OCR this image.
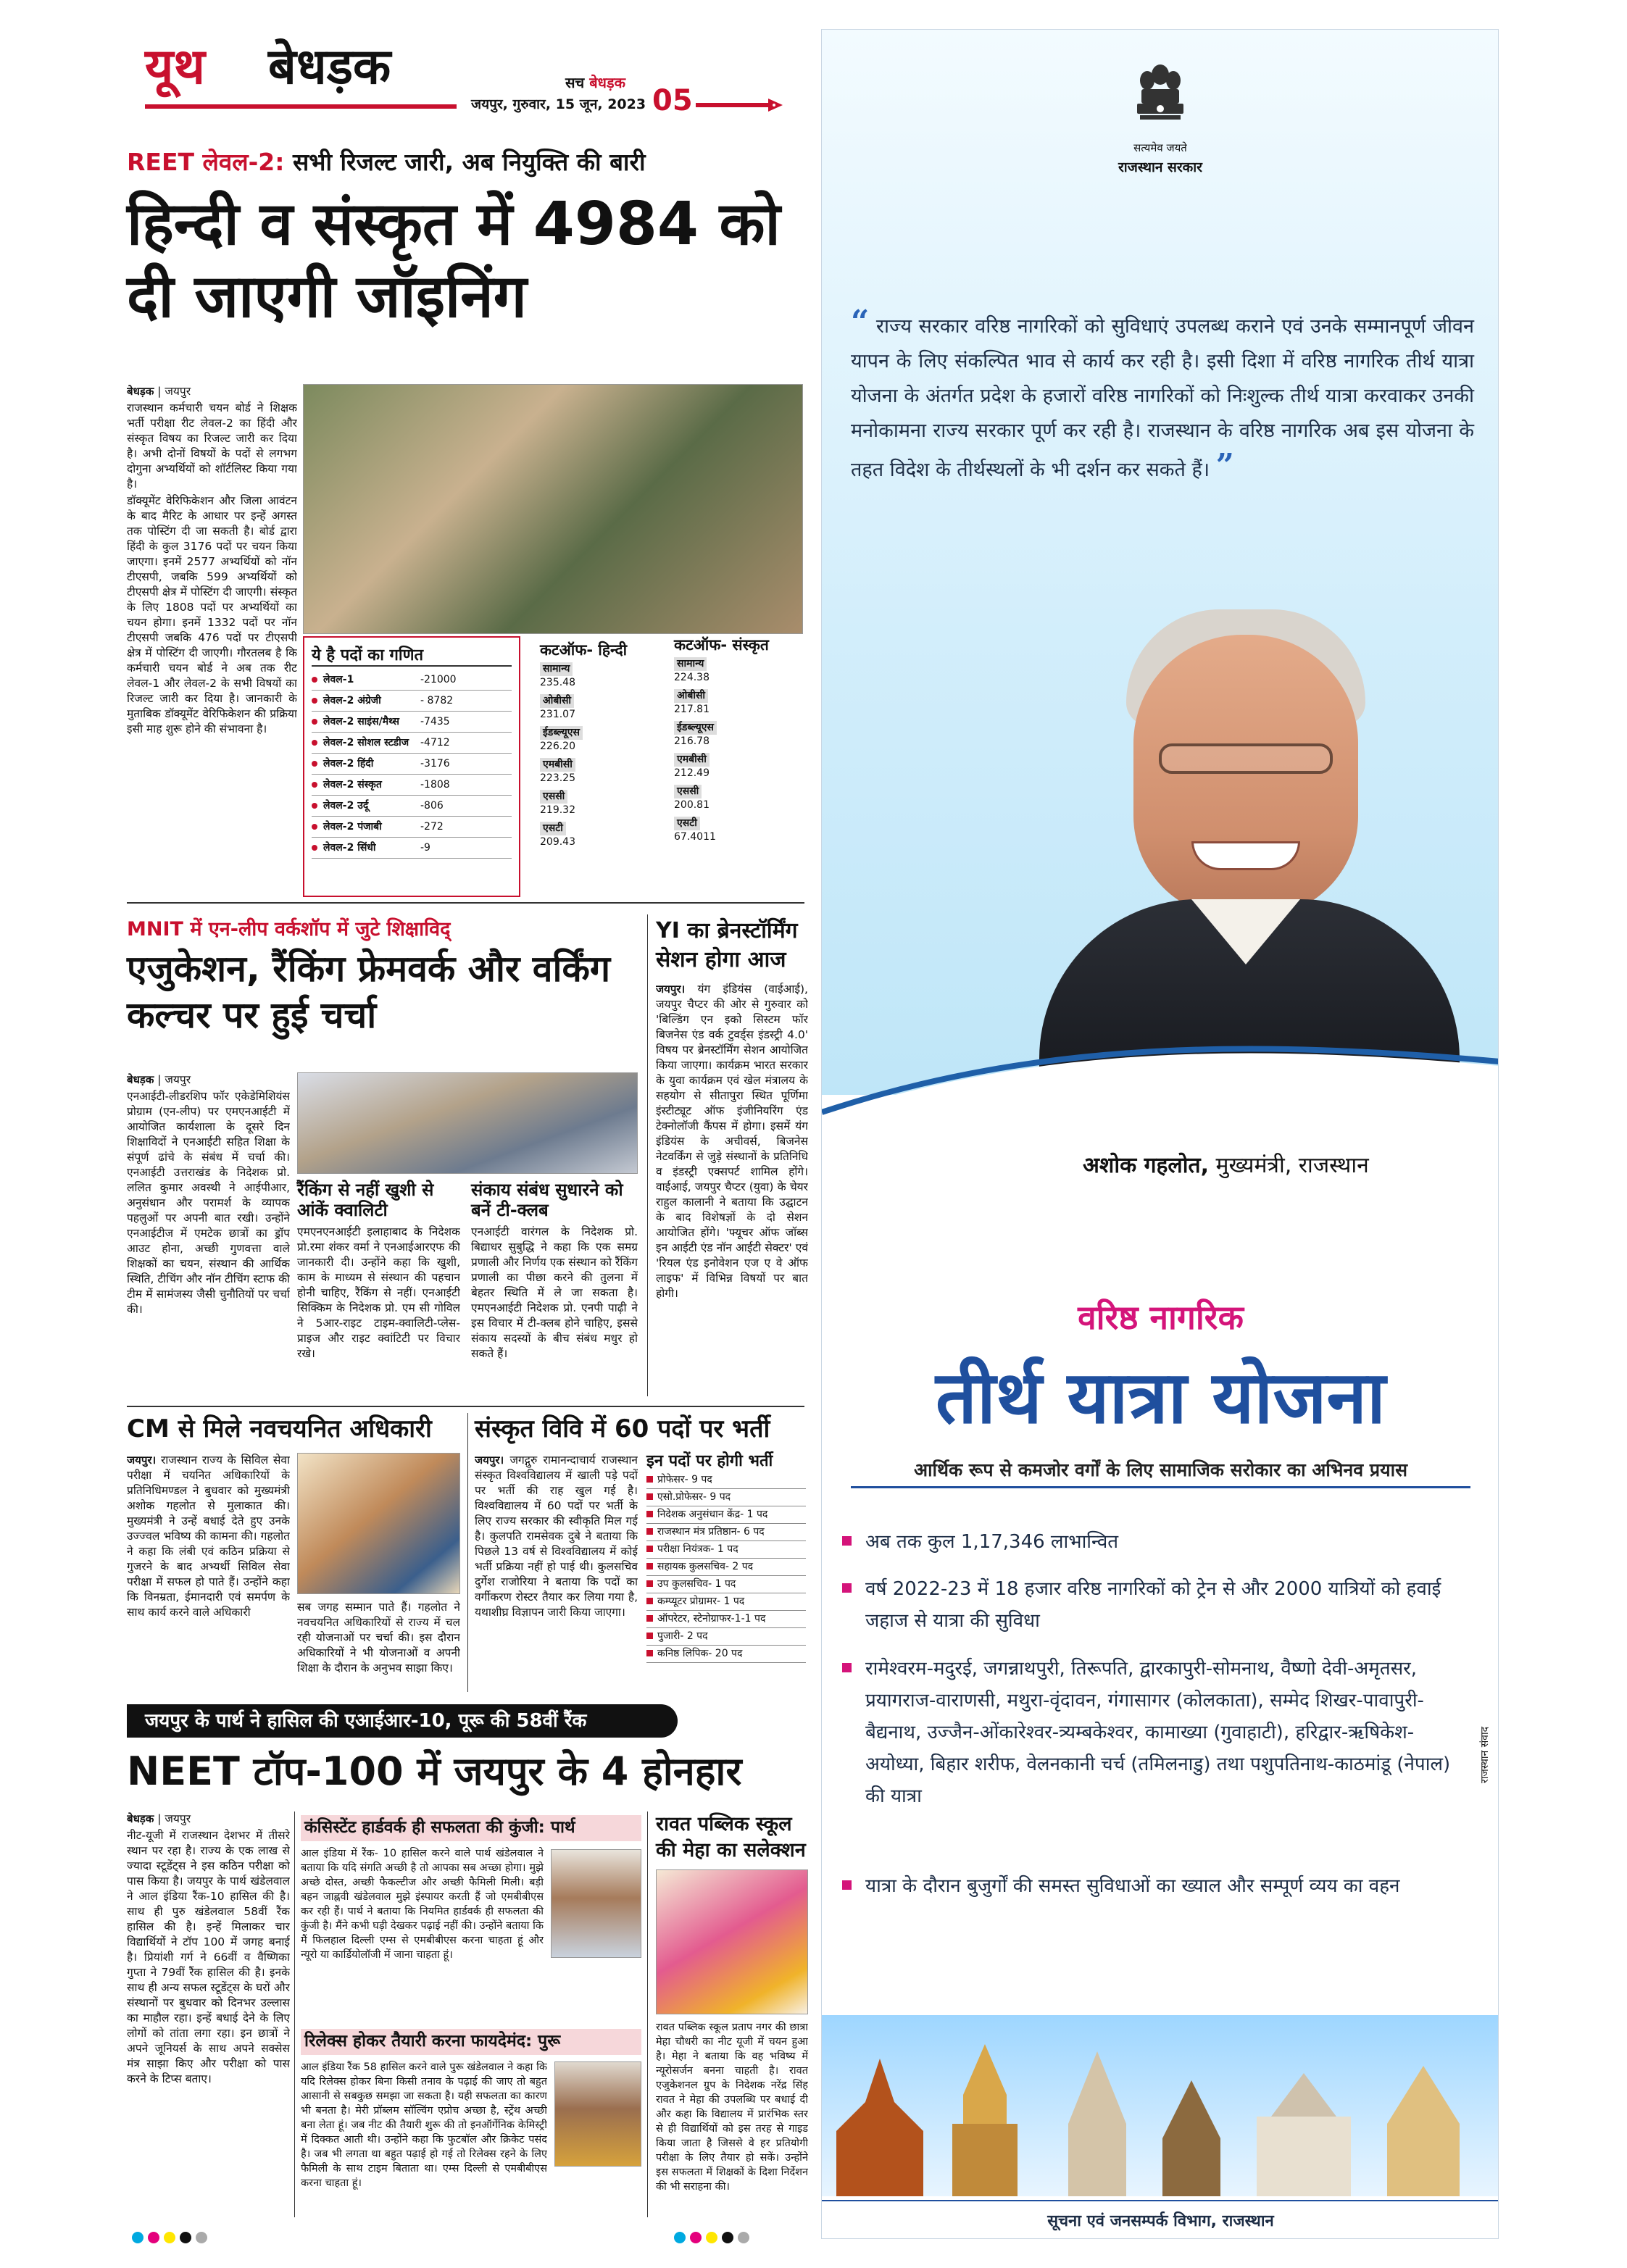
यूथ बेधड़क	सच बेधड़क
जयपुर, गुरुवार, 15 जून, 2023 05
REET लेवल-2: सभी रिजल्ट जारी, अब नियुक्ति की बारी
हिन्दी व संस्कृत में 4984 को दी जाएगी जॉइनिंग

बेधड़क | जयपुर

राजस्थान कर्मचारी चयन बोर्ड ने शिक्षक भर्ती परीक्षा रीट लेवल-2 का हिंदी और संस्कृत विषय का रिजल्ट जारी कर दिया है। अभी दोनों विषयों के पदों से लगभग दोगुना अभ्यर्थियों को शॉर्टलिस्ट किया गया है।

डॉक्यूमेंट वेरिफिकेशन और जिला आवंटन के बाद मैरिट के आधार पर इन्हें अगस्त तक पोस्टिंग दी जा सकती है। बोर्ड द्वारा हिंदी के कुल 3176 पदों पर चयन किया जाएगा। इनमें 2577 अभ्यर्थियों को नॉन टीएसपी, जबकि 599 अभ्यर्थियों को टीएसपी क्षेत्र में पोस्टिंग दी जाएगी। संस्कृत के लिए 1808 पदों पर अभ्यर्थियों का चयन होगा। इनमें 1332 पदों पर नॉन टीएसपी जबकि 476 पदों पर टीएसपी क्षेत्र में पोस्टिंग दी जाएगी। गौरतलब है कि कर्मचारी चयन बोर्ड ने अब तक रीट लेवल-1 और लेवल-2 के सभी विषयों का रिजल्ट जारी कर दिया है। जानकारी के मुताबिक डॉक्यूमेंट वेरिफिकेशन की प्रक्रिया इसी माह शुरू होने की संभावना है।

ये है पदों का गणित
लेवल-1	-21000
लेवल-2 अंग्रेजी	- 8782
लेवल-2 साइंस/मैथ्स	-7435
लेवल-2 सोशल स्टडीज	-4712
लेवल-2 हिंदी	-3176
लेवल-2 संस्कृत	-1808
लेवल-2 उर्दू	-806
लेवल-2 पंजाबी	-272
लेवल-2 सिंधी	-9
कटऑफ- हिन्दी
सामान्य
235.48
ओबीसी
231.07
ईडब्ल्यूएस
226.20
एमबीसी
223.25
एससी
219.32
एसटी
209.43
कटऑफ- संस्कृत
सामान्य
224.38
ओबीसी
217.81
ईडब्ल्यूएस
216.78
एमबीसी
212.49
एससी
200.81
एसटी
67.4011
MNIT में एन-लीप वर्कशॉप में जुटे शिक्षाविद्
एजुकेशन, रैंकिंग फ्रेमवर्क और वर्किंग कल्चर पर हुई चर्चा

बेधड़क | जयपुर

एनआईटी-लीडरशिप फॉर एकेडेमिशियंस प्रोग्राम (एन-लीप) पर एमएनआईटी में आयोजित कार्यशाला के दूसरे दिन शिक्षाविदों ने एनआईटी सहित शिक्षा के संपूर्ण ढांचे के संबंध में चर्चा की। एनआईटी उत्तराखंड के निदेशक प्रो. ललित कुमार अवस्थी ने आईपीआर, अनुसंधान और परामर्श के व्यापक पहलुओं पर अपनी बात रखी। उन्होंने एनआईटीज में एमटेक छात्रों का ड्रॉप आउट होना, अच्छी गुणवत्ता वाले शिक्षकों का चयन, संस्थान की आर्थिक स्थिति, टीचिंग और नॉन टीचिंग स्टाफ की टीम में सामंजस्य जैसी चुनौतियों पर चर्चा की।

रैंकिंग से नहीं खुशी से आंकें क्वालिटी
एमएनएनआईटी इलाहाबाद के निदेशक प्रो.रमा शंकर वर्मा ने एनआईआरएफ की जानकारी दी। उन्होंने कहा कि खुशी, काम के माध्यम से संस्थान की पहचान होनी चाहिए, रैंकिंग से नहीं। एनआईटी सिक्किम के निदेशक प्रो. एम सी गोविल ने 5आर-राइट टाइम-क्वालिटी-प्लेस-प्राइज और राइट क्वांटिटी पर विचार रखे।
संकाय संबंध सुधारने को बनें टी-क्लब
एनआईटी वारंगल के निदेशक प्रो. बिद्याधर सुबुद्धि ने कहा कि एक समग्र प्रणाली और निर्णय एक संस्थान को रैंकिंग प्रणाली का पीछा करने की तुलना में बेहतर स्थिति में ले जा सकता है। एमएनआईटी निदेशक प्रो. एनपी पाढ़ी ने इस विचार में टी-क्लब होने चाहिए, इससे संकाय सदस्यों के बीच संबंध मधुर हो सकते हैं।
YI का ब्रेनस्टॉर्मिंग सेशन होगा आज
जयपुर। यंग इंडियंस (वाईआई), जयपुर चैप्टर की ओर से गुरुवार को 'बिल्डिंग एन इको सिस्टम फॉर बिजनेस एंड वर्क टुवर्ड्स इंडस्ट्री 4.0' विषय पर ब्रेनस्टॉर्मिंग सेशन आयोजित किया जाएगा। कार्यक्रम भारत सरकार के युवा कार्यक्रम एवं खेल मंत्रालय के सहयोग से सीतापुरा स्थित पूर्णिमा इंस्टीट्यूट ऑफ इंजीनियरिंग एंड टेक्नोलॉजी कैंपस में होगा। इसमें यंग इंडियंस के अचीवर्स, बिजनेस नेटवर्किंग से जुड़े संस्थानों के प्रतिनिधि व इंडस्ट्री एक्सपर्ट शामिल होंगे। वाईआई, जयपुर चैप्टर (युवा) के चेयर राहुल कालानी ने बताया कि उद्घाटन के बाद विशेषज्ञों के दो सेशन आयोजित होंगे। 'फ्यूचर ऑफ जॉब्स इन आईटी एंड नॉन आईटी सेक्टर' एवं 'रियल एंड इनोवेशन एज ए वे ऑफ लाइफ' में विभिन्न विषयों पर बात होगी।
CM से मिले नवचयनित अधिकारी
जयपुर। राजस्थान राज्य के सिविल सेवा परीक्षा में चयनित अधिकारियों के प्रतिनिधिमण्डल ने बुधवार को मुख्यमंत्री अशोक गहलोत से मुलाकात की। मुख्यमंत्री ने उन्हें बधाई देते हुए उनके उज्ज्वल भविष्य की कामना की। गहलोत ने कहा कि लंबी एवं कठिन प्रक्रिया से गुजरने के बाद अभ्यर्थी सिविल सेवा परीक्षा में सफल हो पाते हैं। उन्होंने कहा कि विनम्रता, ईमानदारी एवं समर्पण के साथ कार्य करने वाले अधिकारी	सब जगह सम्मान पाते हैं। गहलोत ने नवचयनित अधिकारियों से राज्य में चल रही योजनाओं पर चर्चा की। इस दौरान अधिकारियों ने भी योजनाओं व अपनी शिक्षा के दौरान के अनुभव साझा किए।
संस्कृत विवि में 60 पदों पर भर्ती
जयपुर। जगद्गुरु रामानन्दाचार्य राजस्थान संस्कृत विश्वविद्यालय में खाली पड़े पदों पर भर्ती की राह खुल गई है। विश्वविद्यालय में 60 पदों पर भर्ती के लिए राज्य सरकार की स्वीकृति मिल गई है। कुलपति रामसेवक दुबे ने बताया कि पिछले 13 वर्ष से विश्वविद्यालय में कोई भर्ती प्रक्रिया नहीं हो पाई थी। कुलसचिव दुर्गेश राजोरिया ने बताया कि पदों का वर्गीकरण रोस्टर तैयार कर लिया गया है, यथाशीघ्र विज्ञापन जारी किया जाएगा।
इन पदों पर होगी भर्ती
प्रोफेसर- 9 पद
एसो.प्रोफेसर- 9 पद
निदेशक अनुसंधान केंद्र- 1 पद
राजस्थान मंत्र प्रतिष्ठान- 6 पद
परीक्षा नियंत्रक- 1 पद
सहायक कुलसचिव- 2 पद
उप कुलसचिव- 1 पद
कम्प्यूटर प्रोग्रामर- 1 पद
ऑपरेटर, स्टेनोग्राफर-1-1 पद
पुजारी- 2 पद
कनिष्ठ लिपिक- 20 पद
जयपुर के पार्थ ने हासिल की एआईआर-10, पूरू की 58वीं रैंक
NEET टॉप-100 में जयपुर के 4 होनहार

बेधड़क | जयपुर

नीट-यूजी में राजस्थान देशभर में तीसरे स्थान पर रहा है। राज्य के एक लाख से ज्यादा स्टूडेंट्स ने इस कठिन परीक्षा को पास किया है। जयपुर के पार्थ खंडेलवाल ने आल इंडिया रैंक-10 हासिल की है। साथ ही पुरु खंडेलवाल 58वीं रैंक हासिल की है। इन्हें मिलाकर चार विद्यार्थियों ने टॉप 100 में जगह बनाई है। प्रियांशी गर्ग ने 66वीं व वैष्णिका गुप्ता ने 79वीं रैंक हासिल की है। इनके साथ ही अन्य सफल स्टूडेंट्स के घरों और संस्थानों पर बुधवार को दिनभर उल्लास का माहौल रहा। इन्हें बधाई देने के लिए लोगों को तांता लगा रहा। इन छात्रों ने अपने जूनियर्स के साथ अपने सक्सेस मंत्र साझा किए और परीक्षा को पास करने के टिप्स बताए।

कंसिस्टेंट हार्डवर्क ही सफलता की कुंजी: पार्थ
आल इंडिया में रैंक- 10 हासिल करने वाले पार्थ खंडेलवाल ने बताया कि यदि संगति अच्छी है तो आपका सब अच्छा होगा। मुझे अच्छे दोस्त, अच्छी फैकल्टीज और अच्छी फैमिली मिली। बड़ी बहन जाह्नवी खंडेलवाल मुझे इंस्पायर करती हैं जो एमबीबीएस कर रही हैं। पार्थ ने बताया कि नियमित हार्डवर्क ही सफलता की कुंजी है। मैंने कभी घड़ी देखकर पढ़ाई नहीं की। उन्होंने बताया कि मैं फिलहाल दिल्ली एम्स से एमबीबीएस करना चाहता हूं और न्यूरो या कार्डियोलॉजी में जाना चाहता हूं।
रिलेक्स होकर तैयारी करना फायदेमंद: पुरू
आल इंडिया रैंक 58 हासिल करने वाले पुरू खंडेलवाल ने कहा कि यदि रिलेक्स होकर बिना किसी तनाव के पढ़ाई की जाए तो बहुत आसानी से सबकुछ समझा जा सकता है। यही सफलता का कारण भी बनता है। मेरी प्रॉब्लम सॉल्विंग एप्रोच अच्छा है, स्ट्रेंथ अच्छी बना लेता हूं। जब नीट की तैयारी शुरू की तो इनऑर्गेनिक केमिस्ट्री में दिक्कत आती थी। उन्होंने कहा कि फुटबॉल और क्रिकेट पसंद है। जब भी लगता था बहुत पढ़ाई हो गई तो रिलेक्स रहने के लिए फैमिली के साथ टाइम बिताता था। एम्स दिल्ली से एमबीबीएस करना चाहता हूं।
रावत पब्लिक स्कूल की मेहा का सलेक्शन
रावत पब्लिक स्कूल प्रताप नगर की छात्रा मेहा चौधरी का नीट यूजी में चयन हुआ है। मेहा ने बताया कि वह भविष्य में न्यूरोसर्जन बनना चाहती है। रावत एजुकेशनल ग्रुप के निदेशक नरेंद्र सिंह रावत ने मेहा की उपलब्धि पर बधाई दी और कहा कि विद्यालय में प्रारंभिक स्तर से ही विद्यार्थियों को इस तरह से गाइड किया जाता है जिससे वे हर प्रतियोगी परीक्षा के लिए तैयार हो सकें। उन्होंने इस सफलता में शिक्षकों के दिशा निर्देशन की भी सराहना की।
सत्यमेव जयते
राजस्थान सरकार
“ राज्य सरकार वरिष्ठ नागरिकों को सुविधाएं उपलब्ध कराने एवं उनके सम्मानपूर्ण जीवन यापन के लिए संकल्पित भाव से कार्य कर रही है। इसी दिशा में वरिष्ठ नागरिक तीर्थ यात्रा योजना के अंतर्गत प्रदेश के हजारों वरिष्ठ नागरिकों को निःशुल्क तीर्थ यात्रा करवाकर उनकी मनोकामना राज्य सरकार पूर्ण कर रही है। राजस्थान के वरिष्ठ नागरिक अब इस योजना के तहत विदेश के तीर्थस्थलों के भी दर्शन कर सकते हैं। ”
अशोक गहलोत, मुख्यमंत्री, राजस्थान
वरिष्ठ नागरिक
तीर्थ यात्रा योजना
आर्थिक रूप से कमजोर वर्गों के लिए सामाजिक सरोकार का अभिनव प्रयास
अब तक कुल 1,17,346 लाभान्वित
वर्ष 2022-23 में 18 हजार वरिष्ठ नागरिकों को ट्रेन से और 2000 यात्रियों को हवाई जहाज से यात्रा की सुविधा
रामेश्वरम-मदुरई, जगन्नाथपुरी, तिरूपति, द्वारकापुरी-सोमनाथ, वैष्णो देवी-अमृतसर, प्रयागराज-वाराणसी, मथुरा-वृंदावन, गंगासागर (कोलकाता), सम्मेद शिखर-पावापुरी-बैद्यनाथ, उज्जैन-ओंकारेश्वर-त्र्यम्बकेश्वर, कामाख्या (गुवाहाटी), हरिद्वार-ऋषिकेश-अयोध्या, बिहार शरीफ, वेलनकानी चर्च (तमिलनाडु) तथा पशुपतिनाथ-काठमांडू (नेपाल) की यात्रा
यात्रा के दौरान बुजुर्गों की समस्त सुविधाओं का ख्याल और सम्पूर्ण व्यय का वहन
राजस्थान संवाद
सूचना एवं जनसम्पर्क विभाग, राजस्थान
